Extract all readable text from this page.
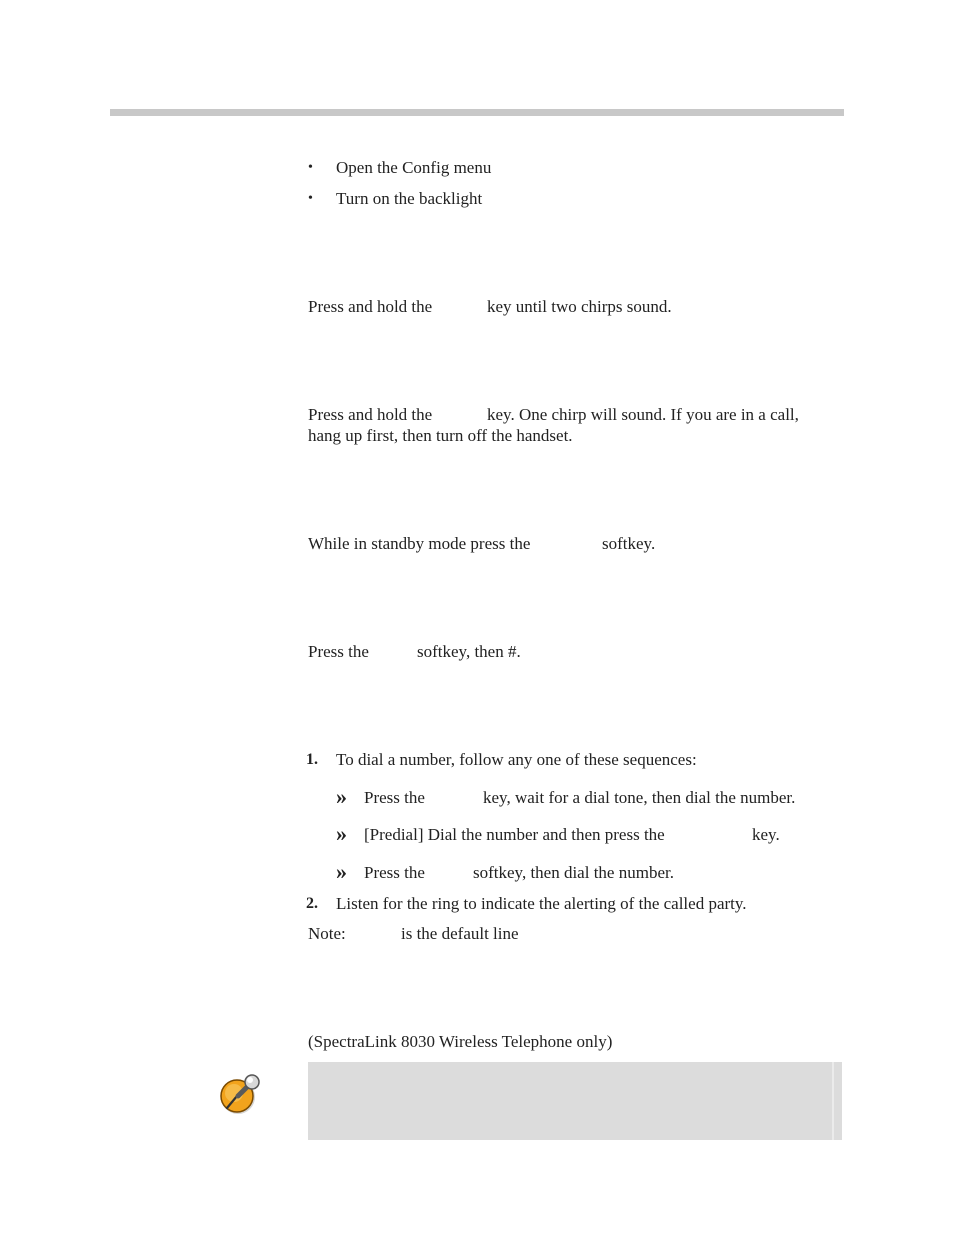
• Open the Config menu
• Turn on the backlight
Press and hold the	key until two chirps sound.
Press and hold the	key. One chirp will sound. If you are in a call,
hang up first, then turn off the handset.
While in standby mode press the	softkey.
Press the	softkey, then #.
1. To dial a number, follow any one of these sequences:
» Press the	key, wait for a dial tone, then dial the number.
» [Predial] Dial the number and then press the	key.
» Press the	softkey, then dial the number.
2. Listen for the ring to indicate the alerting of the called party.
Note:	is the default line
(SpectraLink 8030 Wireless Telephone only)
